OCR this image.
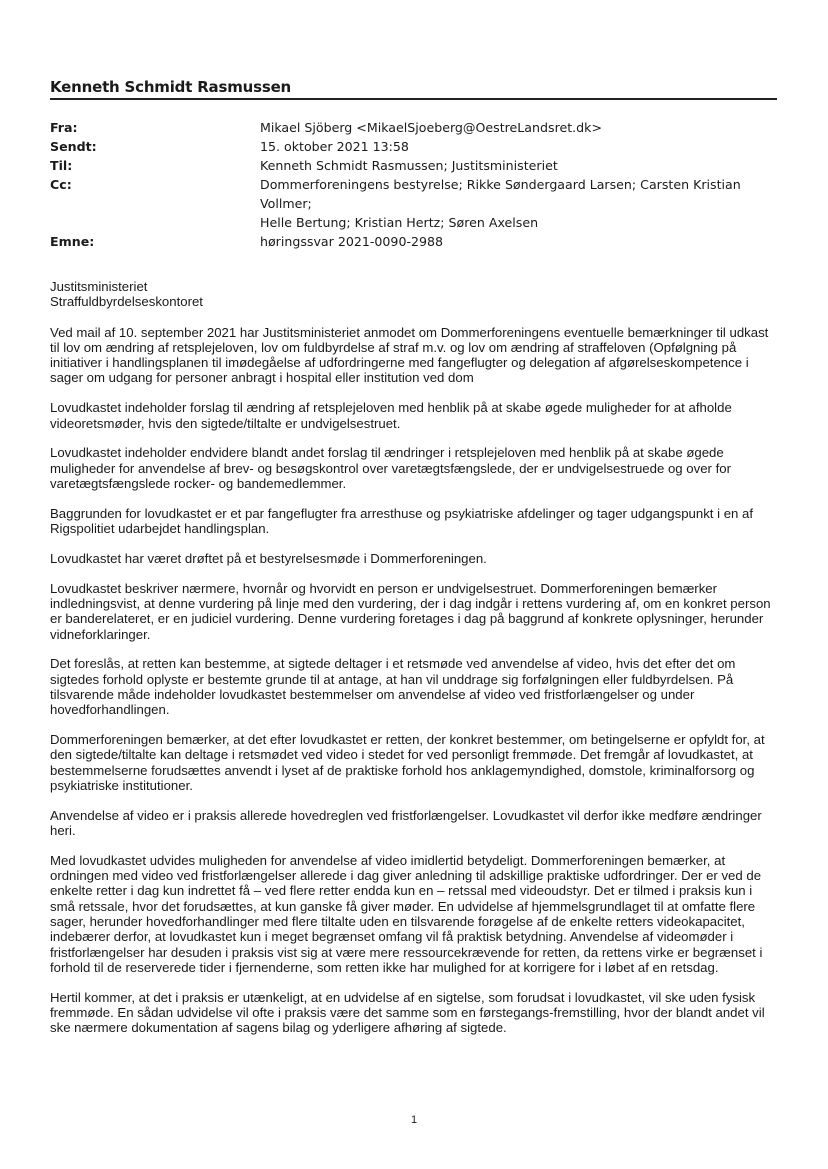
Kenneth Schmidt Rasmussen
Fra:	Mikael Sjöberg <MikaelSjoeberg@OestreLandsret.dk>
Sendt:	15. oktober 2021 13:58
Til:	Kenneth Schmidt Rasmussen; Justitsministeriet
Cc:	Dommerforeningens bestyrelse; Rikke Søndergaard Larsen; Carsten Kristian Vollmer;
Helle Bertung; Kristian Hertz; Søren Axelsen
Emne:	høringssvar 2021-0090-2988
Justitsministeriet
Straffuldbyrdelseskontoret

Ved mail af 10. september 2021 har Justitsministeriet anmodet om Dommerforeningens eventuelle bemærkninger til udkast til lov om ændring af retsplejeloven, lov om fuldbyrdelse af straf m.v. og lov om ændring af straffeloven (Opfølgning på initiativer i handlingsplanen til imødegåelse af udfordringerne med fangeflugter og delegation af afgørelseskompetence i sager om udgang for personer anbragt i hospital eller institution ved dom

Lovudkastet indeholder forslag til ændring af retsplejeloven med henblik på at skabe øgede muligheder for at afholde videoretsmøder, hvis den sigtede/tiltalte er undvigelsestruet.

Lovudkastet indeholder endvidere blandt andet forslag til ændringer i retsplejeloven med henblik på at skabe øgede muligheder for anvendelse af brev- og besøgskontrol over varetægtsfængslede, der er undvigelsestruede og over for varetægtsfængslede rocker- og bandemedlemmer.

Baggrunden for lovudkastet er et par fangeflugter fra arresthuse og psykiatriske afdelinger og tager udgangspunkt i en af Rigspolitiet udarbejdet handlingsplan.

Lovudkastet har været drøftet på et bestyrelsesmøde i Dommerforeningen.

Lovudkastet beskriver nærmere, hvornår og hvorvidt en person er undvigelsestruet. Dommerforeningen bemærker indledningsvist, at denne vurdering på linje med den vurdering, der i dag indgår i rettens vurdering af, om en konkret person er banderelateret, er en judiciel vurdering. Denne vurdering foretages i dag på baggrund af konkrete oplysninger, herunder vidneforklaringer.

Det foreslås, at retten kan bestemme, at sigtede deltager i et retsmøde ved anvendelse af video, hvis det efter det om sigtedes forhold oplyste er bestemte grunde til at antage, at han vil unddrage sig forfølgningen eller fuldbyrdelsen. På tilsvarende måde indeholder lovudkastet bestemmelser om anvendelse af video ved fristforlængelser og under hovedforhandlingen.

Dommerforeningen bemærker, at det efter lovudkastet er retten, der konkret bestemmer, om betingelserne er opfyldt for, at den sigtede/tiltalte kan deltage i retsmødet ved video i stedet for ved personligt fremmøde. Det fremgår af lovudkastet, at bestemmelserne forudsættes anvendt i lyset af de praktiske forhold hos anklagemyndighed, domstole, kriminalforsorg og psykiatriske institutioner.

Anvendelse af video er i praksis allerede hovedreglen ved fristforlængelser. Lovudkastet vil derfor ikke medføre ændringer heri.

Med lovudkastet udvides muligheden for anvendelse af video imidlertid betydeligt. Dommerforeningen bemærker, at ordningen med video ved fristforlængelser allerede i dag giver anledning til adskillige praktiske udfordringer. Der er ved de enkelte retter i dag kun indrettet få – ved flere retter endda kun en – retssal med videoudstyr. Det er tilmed i praksis kun i små retssale, hvor det forudsættes, at kun ganske få giver møder. En udvidelse af hjemmelsgrundlaget til at omfatte flere sager, herunder hovedforhandlinger med flere tiltalte uden en tilsvarende forøgelse af de enkelte retters videokapacitet, indebærer derfor, at lovudkastet kun i meget begrænset omfang vil få praktisk betydning. Anvendelse af videomøder i fristforlængelser har desuden i praksis vist sig at være mere ressourcekrævende for retten, da rettens virke er begrænset i forhold til de reserverede tider i fjernenderne, som retten ikke har mulighed for at korrigere for i løbet af en retsdag.

Hertil kommer, at det i praksis er utænkeligt, at en udvidelse af en sigtelse, som forudsat i lovudkastet, vil ske uden fysisk fremmøde. En sådan udvidelse vil ofte i praksis være det samme som en førstegangs-fremstilling, hvor der blandt andet vil ske nærmere dokumentation af sagens bilag og yderligere afhøring af sigtede.

1
